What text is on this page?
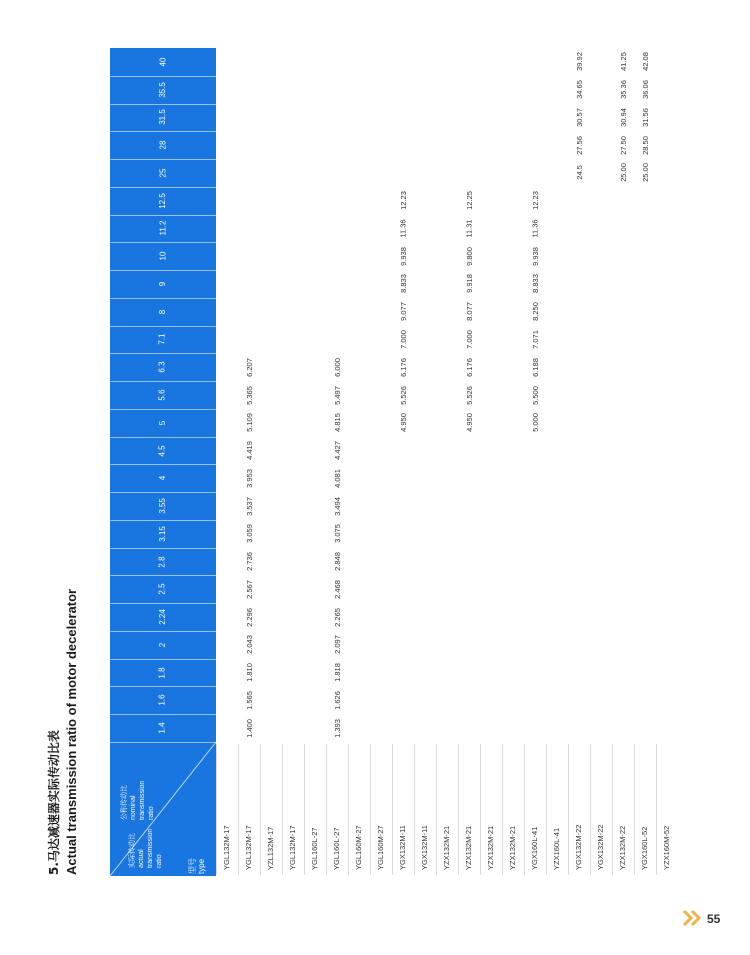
5.马达减速器实际传动比表 Actual transmission ratio of motor decelerator	公称传动比 nominal transmission ratio
实际传动比 actual transmission ratio	型号 type
55
1.4
1.6
1.8
2
2.24
2.5
2.8
3.15
3.55
4
4.5
5
5.6
6.3
7.1
8
9
10
11.2
12.5
25
28
31.5
35.5
40
YGL132M-17 YGL132M-17
2.043
3.953
5.109
1.400
1.565
1.810
2.296
2.567
2.736
3.059
3.537
4.419
5.365
6.207
YZL132M-17 YGL132M-17 YGL160L-27 YGL160L-27
2.097
4.081
4.815
1.393
1.626
1.818
2.265
2.468
2.848
3.075
3.494
4.427
5.497
6.000
YGL160M-27 YGL160M-27 YGX132M-11
4.950
9.077
8.833
9.938
5.526
6.176
7.000
11.36
12.23
YGX132M-11 YZX132M-21 YZX132M-21
4.950
8.077
9.918
9.800
5.526
6.176
7.000
11.31
12.25
YZX132M-21 YZX132M-21 YGX160L-41
5.000
8.250
8.833
9.938
5.500
6.188
7.071
11.36
12.23
YZX160L-41 YGX132M-22
24.5
27.56
39.92
30.57
34.65
YGX132M-22 YZX132M-22
25.00
27.50
41.25
30.94
35.36
YGX160L-52
25.00
28.50
42.08
31.56
36.06
YZX160M-52
